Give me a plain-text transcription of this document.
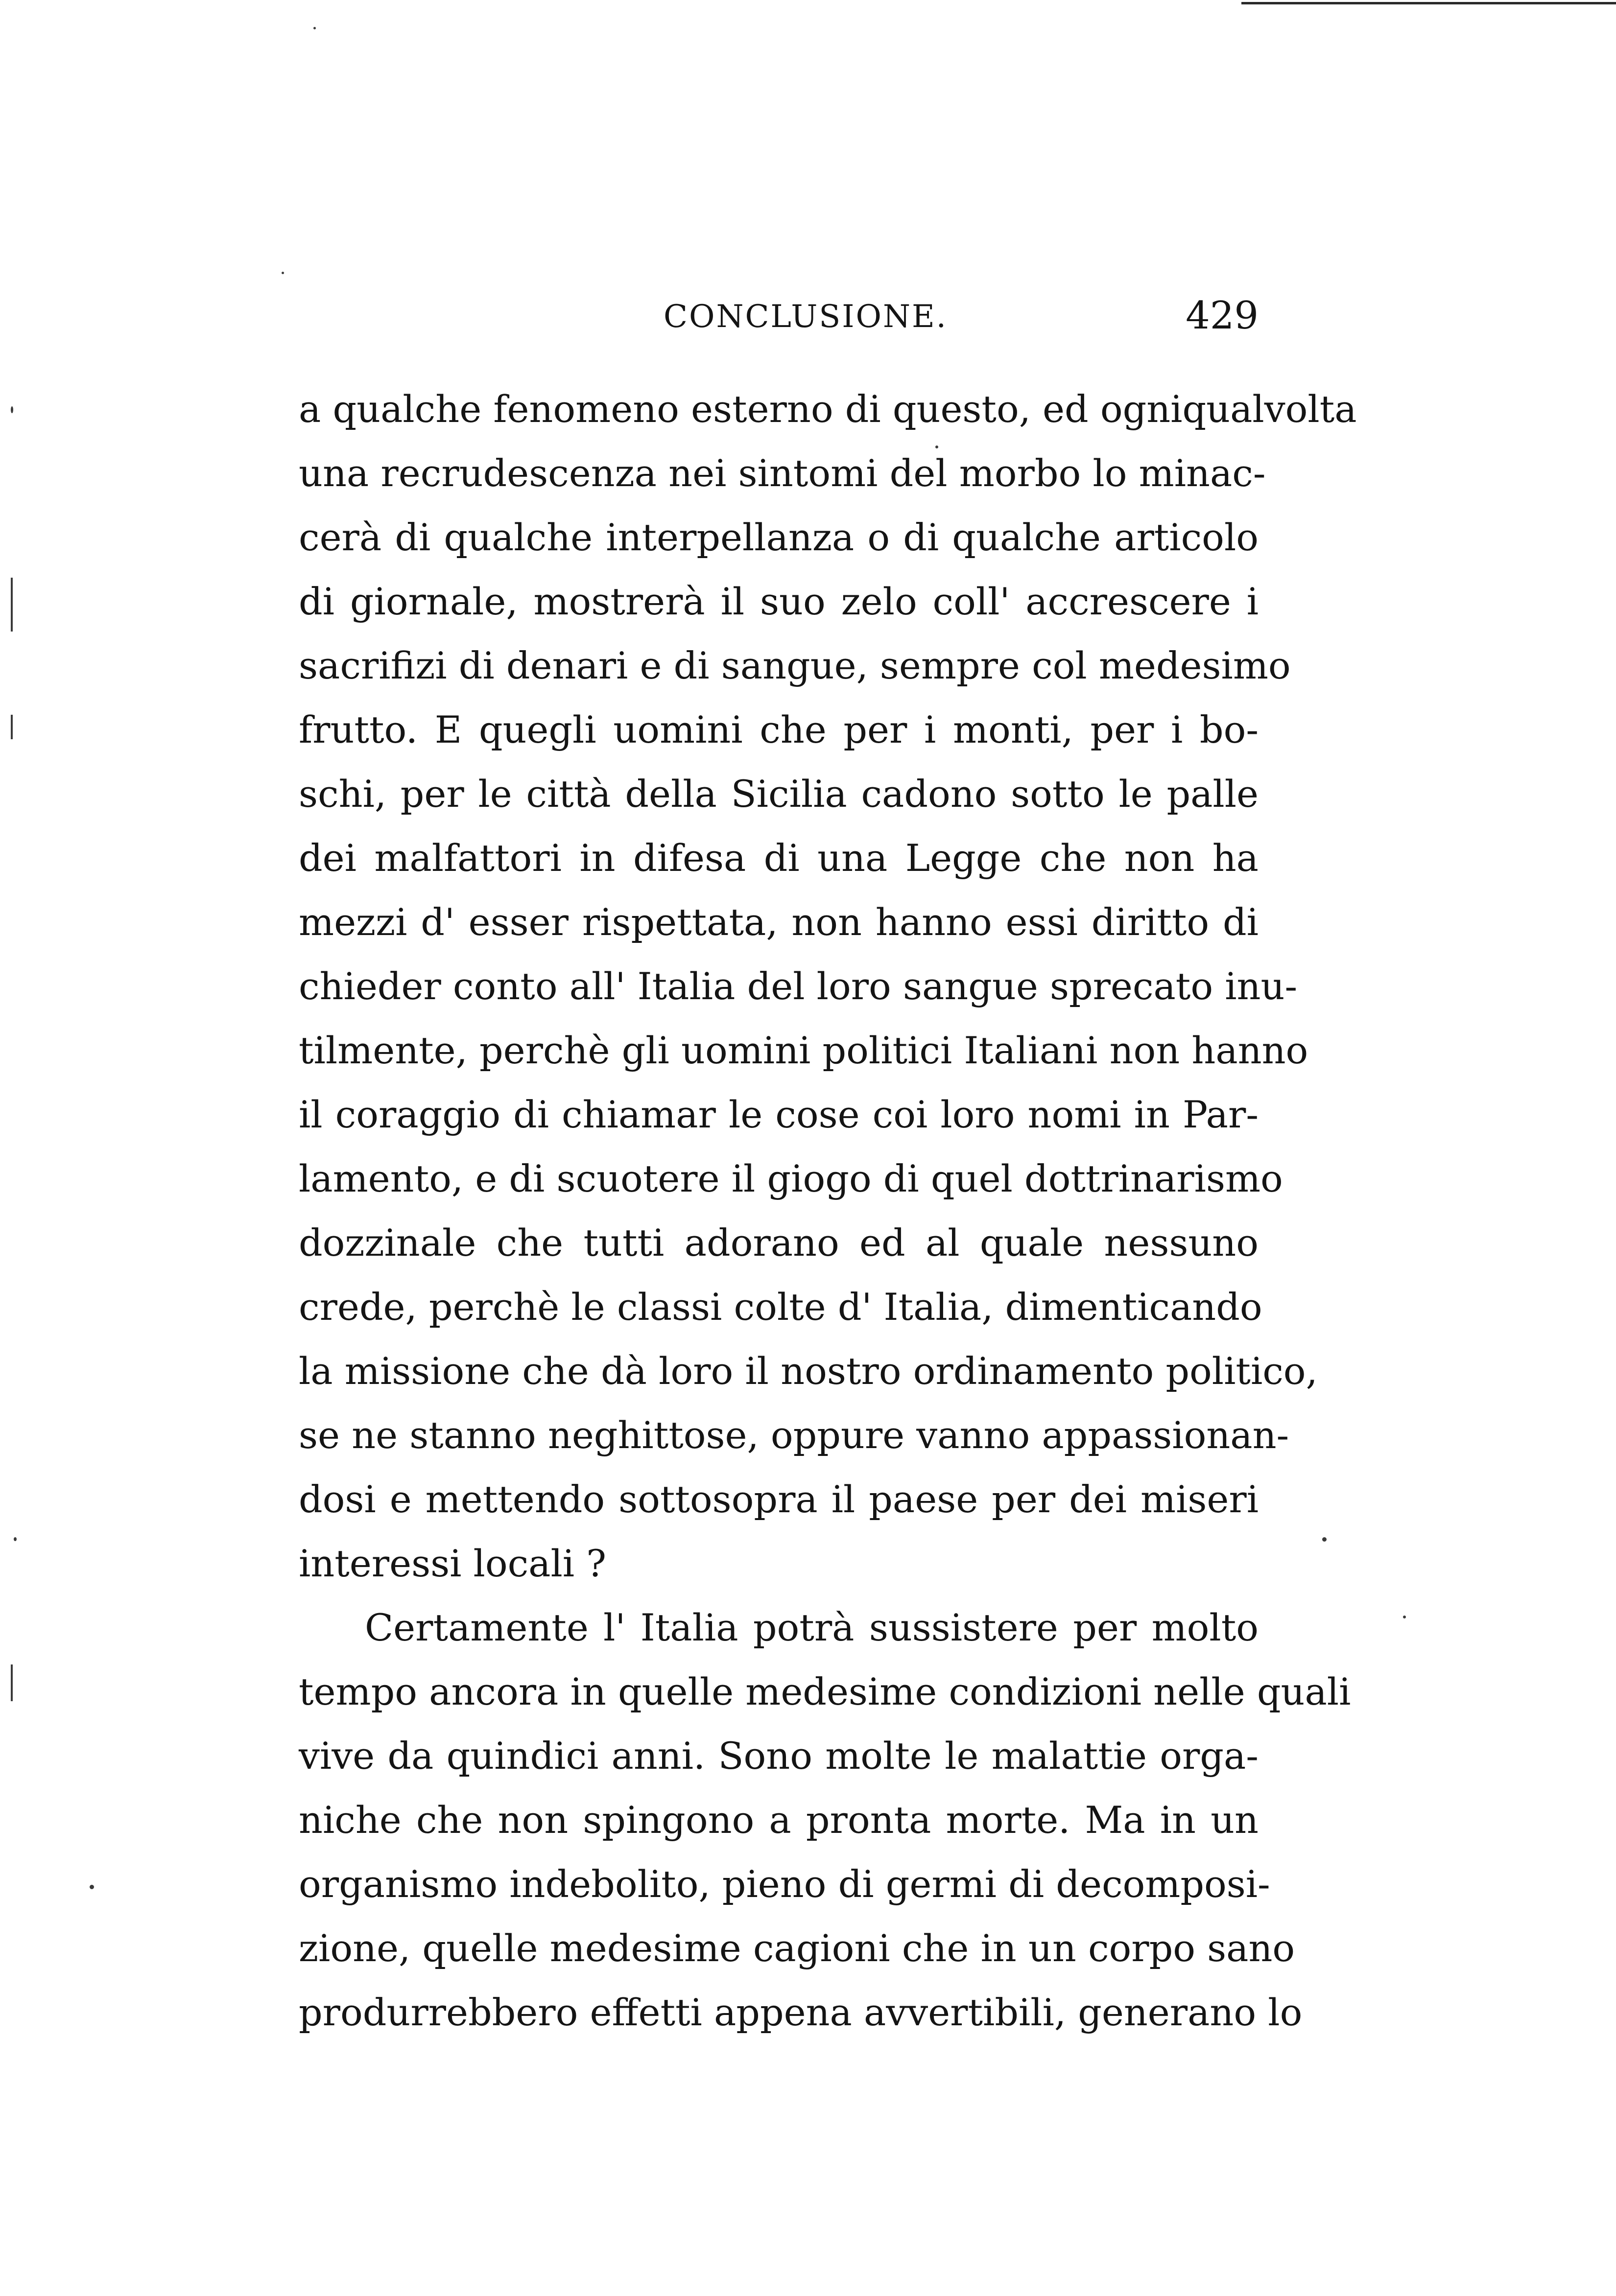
CONCLUSIONE.	429
a qualche fenomeno esterno di questo, ed ogniqualvolta
una recrudescenza nei sintomi del morbo lo minac-
cerà di qualche interpellanza o di qualche articolo
di giornale, mostrerà il suo zelo coll' accrescere i
sacrifizi di denari e di sangue, sempre col medesimo
frutto. E quegli uomini che per i monti, per i bo-
schi, per le città della Sicilia cadono sotto le palle
dei malfattori in difesa di una Legge che non ha
mezzi d' esser rispettata, non hanno essi diritto di
chieder conto all' Italia del loro sangue sprecato inu-
tilmente, perchè gli uomini politici Italiani non hanno
il coraggio di chiamar le cose coi loro nomi in Par-
lamento, e di scuotere il giogo di quel dottrinarismo
dozzinale che tutti adorano ed al quale nessuno
crede, perchè le classi colte d' Italia, dimenticando
la missione che dà loro il nostro ordinamento politico,
se ne stanno neghittose, oppure vanno appassionan-
dosi e mettendo sottosopra il paese per dei miseri
interessi locali ?
Certamente l' Italia potrà sussistere per molto
tempo ancora in quelle medesime condizioni nelle quali
vive da quindici anni. Sono molte le malattie orga-
niche che non spingono a pronta morte. Ma in un
organismo indebolito, pieno di germi di decomposi-
zione, quelle medesime cagioni che in un corpo sano
produrrebbero effetti appena avvertibili, generano lo
